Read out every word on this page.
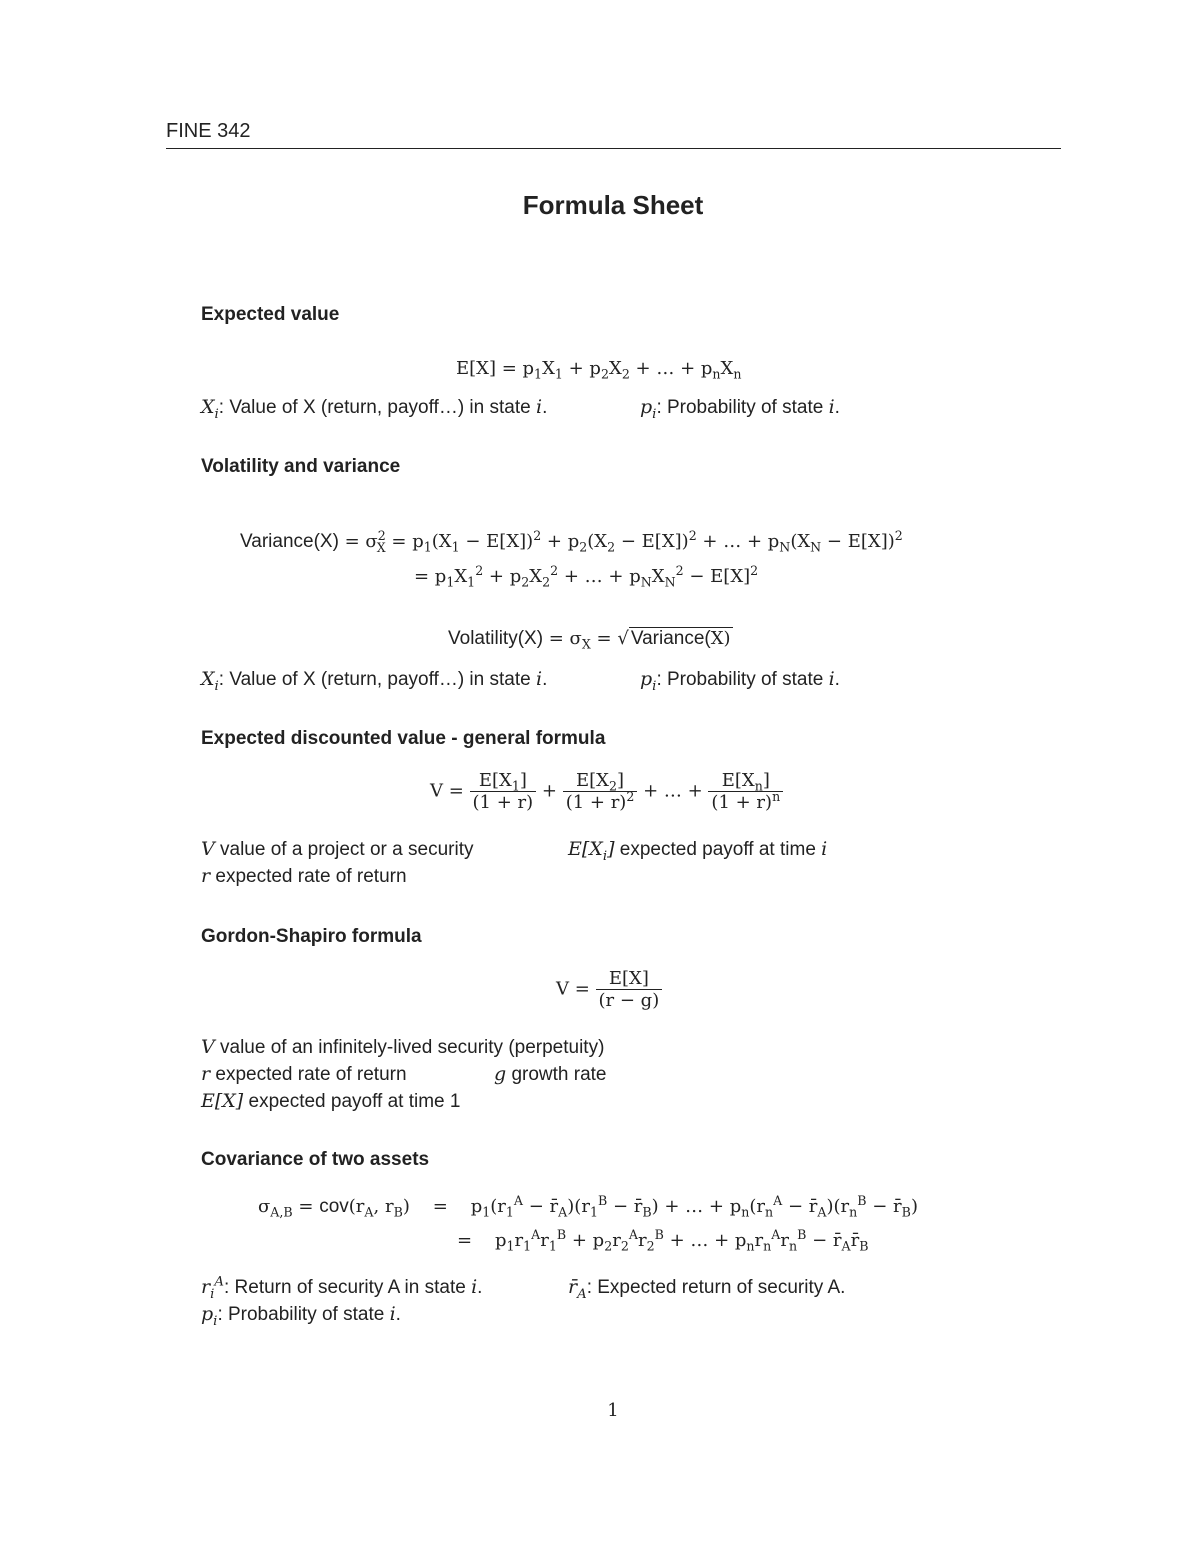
FINE 342
Formula Sheet
Expected value
$E[X] = p_1X_1 + p_2X_2$ + … + $p_nX_n$
$X_i$: Value of X (return, payoff…) in state i.	$p_i$: Probability of state i.
Volatility and variance
Variance(X) = $\sigma^2_X = p_1(X_1 - E[X])^2 + p_2(X_2 - E[X])^2$ + … + $p_N(X_N - E[X])^2$
= $p_1X_1^2 + p_2X_2^2$ + … + $p_NX_N^2 - E[X]^2$
Volatility(X) = $\sigma_X$ = √ Variance(X)
$X_i$: Value of X (return, payoff…) in state i.	$p_i$: Probability of state i.
Expected discounted value - general formula
$V = \frac{E[X_1]}{(1 + r)} + \frac{E[X_2]}{(1 + r)^2}$ + … + $\frac{E[X_n]}{(1 + r)^n}$
V value of a project or a security	$E[X_i]$ expected payoff at time i
r expected rate of return
Gordon-Shapiro formula
$V = \frac{E[X]}{(r - g)}$
V value of an infinitely-lived security (perpetuity)
r expected rate of return	g growth rate
E[X] expected payoff at time 1
Covariance of two assets
$\sigma_{A,B} = cov(r_A$, $r_B$)    =    $p_1(r_1^A$ − $r̄_A)(r_1^B$ − $r̄_B$) + … + $p_n(r_n^A$ − $r̄_A)(r_n^B$ − $r̄_B$)
=    $p_1r_1^Ar_1^B + p_2r_2^Ar_2^B$ + … + $p_nr_n^Ar_n^B$ − $r̄_Ar̄_B$
$r_i^A$: Return of security A in state i.	$r̄_A$: Expected return of security A.
$p_i$: Probability of state i.
1
